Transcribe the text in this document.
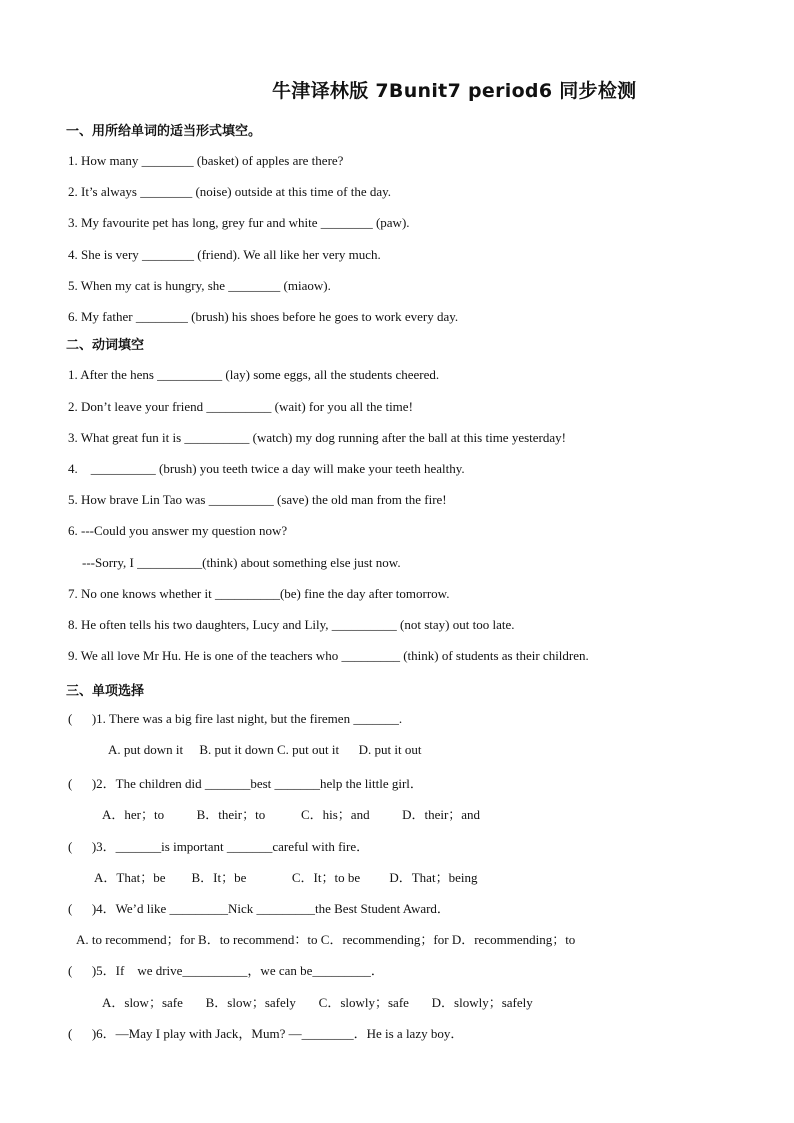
牛津译林版 7Bunit7 period6 同步检测
一、用所给单词的适当形式填空。
1. How many ________ (basket) of apples are there?
2. It’s always ________ (noise) outside at this time of the day.
3. My favourite pet has long, grey fur and white ________ (paw).
4. She is very ________ (friend). We all like her very much.
5. When my cat is hungry, she ________ (miaow).
6. My father ________ (brush) his shoes before he goes to work every day.
二、动词填空
1. After the hens __________ (lay) some eggs, all the students cheered.
2. Don’t leave your friend __________ (wait) for you all the time!
3. What great fun it is __________ (watch) my dog running after the ball at this time yesterday!
4.    __________ (brush) you teeth twice a day will make your teeth healthy.
5. How brave Lin Tao was __________ (save) the old man from the fire!
6. ---Could you answer my question now?
---Sorry, I __________(think) about something else just now.
7. No one knows whether it __________(be) fine the day after tomorrow.
8. He often tells his two daughters, Lucy and Lily, __________ (not stay) out too late.
9. We all love Mr Hu. He is one of the teachers who _________ (think) of students as their children.
三、单项选择
(      )1. There was a big fire last night, but the firemen _______.
A. put down it     B. put it down C. put out it      D. put it out
(      )2．The children did _______best _______help the little girl．
A．her；to          B．their；to           C．his；and          D．their；and
(      )3．_______is important _______careful with fire．
A．That；be        B．It；be              C．It；to be         D．That；being
(      )4．We’d like _________Nick _________the Best Student Award．
A. to recommend；for B．to recommend：to C．recommending；for D．recommending；to
(      )5．If    we drive__________，we can be_________．
A．slow；safe       B．slow；safely       C．slowly；safe       D．slowly；safely
(      )6．—May I play with Jack，Mum? —________．He is a lazy boy．
